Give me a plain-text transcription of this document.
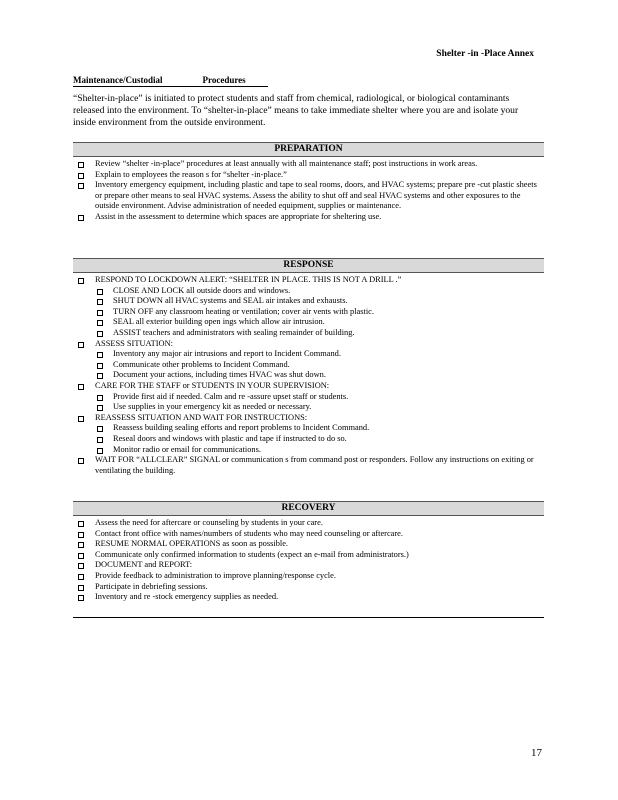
Shelter -in -Place Annex
Maintenance/Custodial	Procedures
“Shelter-in-place” is initiated to protect students and staff from chemical, radiological, or biological contaminants released into the environment. To “shelter-in-place” means to take immediate shelter where you are and isolate your inside environment from the outside environment.
PREPARATION
Review “shelter -in-place” procedures at least annually with all maintenance staff; post instructions in work areas.
Explain to employees the reason s for “shelter -in-place.”
Inventory emergency equipment, including plastic and tape to seal rooms, doors, and HVAC systems; prepare pre -cut plastic sheets or prepare other means to seal HVAC systems. Assess the ability to shut off and seal HVAC systems and other exposures to the outside environment. Advise administration of needed equipment, supplies or maintenance.
Assist in the assessment to determine which spaces are appropriate for sheltering use.
RESPONSE
RESPOND TO LOCKDOWN ALERT: “SHELTER IN PLACE. THIS IS NOT A DRILL .”
CLOSE AND LOCK all outside doors and windows.
SHUT DOWN all HVAC systems and SEAL air intakes and exhausts.
TURN OFF any classroom heating or ventilation; cover air vents with plastic.
SEAL all exterior building open ings which allow air intrusion.
ASSIST teachers and administrators with sealing remainder of building.
ASSESS SITUATION:
Inventory any major air intrusions and report to Incident Command.
Communicate other problems to Incident Command.
Document your actions, including times HVAC was shut down.
CARE FOR THE STAFF or STUDENTS IN YOUR SUPERVISION:
Provide first aid if needed. Calm and re -assure upset staff or students.
Use supplies in your emergency kit as needed or necessary.
REASSESS SITUATION AND WAIT FOR INSTRUCTIONS:
Reassess building sealing efforts and report problems to Incident Command.
Reseal doors and windows with plastic and tape if instructed to do so.
Monitor radio or email for communications.
WAIT FOR “ALLCLEAR” SIGNAL or communication s from command post or responders. Follow any instructions on exiting or ventilating the building.
RECOVERY
Assess the need for aftercare or counseling by students in your care.
Contact front office with names/numbers of students who may need counseling or aftercare.
RESUME NORMAL OPERATIONS as soon as possible.
Communicate only confirmed information to students (expect an e-mail from administrators.)
DOCUMENT and REPORT:
Provide feedback to administration to improve planning/response cycle.
Participate in debriefing sessions.
Inventory and re -stock emergency supplies as needed.
17
